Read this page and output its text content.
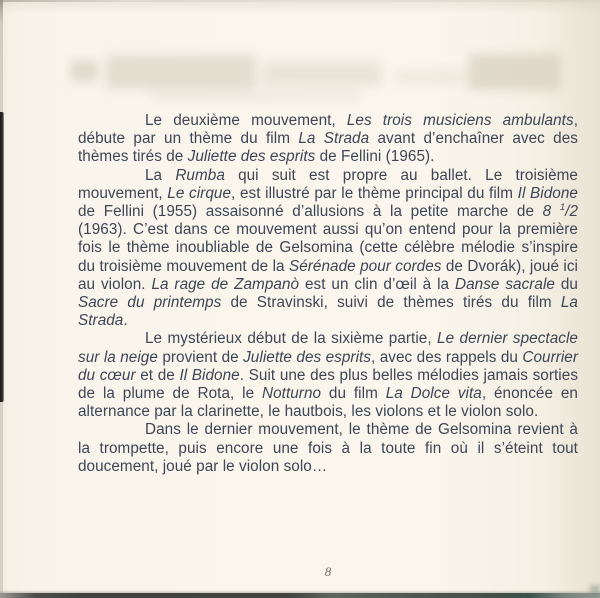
Le deuxième mouvement, Les trois musiciens ambulants, débute par un thème du film La Strada avant d’enchaîner avec des thèmes tirés de Juliette des esprits de Fellini (1965).

La Rumba qui suit est propre au ballet. Le troisième mouvement, Le cirque, est illustré par le thème principal du film Il Bidone de Fellini (1955) assaisonné d’allusions à la petite marche de 8 $^1$/2 (1963). C’est dans ce mouvement aussi qu’on entend pour la première fois le thème inoubliable de Gelsomina (cette célèbre mélodie s’inspire du troisième mouvement de la Sérénade pour cordes de Dvorák), joué ici au violon. La rage de Zampanò est un clin d’œil à la Danse sacrale du Sacre du printemps de Stravinski, suivi de thèmes tirés du film La Strada.

Le mystérieux début de la sixième partie, Le dernier spectacle sur la neige provient de Juliette des esprits, avec des rappels du Courrier du cœur et de Il Bidone. Suit une des plus belles mélodies jamais sorties de la plume de Rota, le Notturno du film La Dolce vita, énoncée en alternance par la clarinette, le hautbois, les violons et le violon solo.

Dans le dernier mouvement, le thème de Gelsomina revient à la trompette, puis encore une fois à la toute fin où il s’éteint tout doucement, joué par le violon solo…

8
